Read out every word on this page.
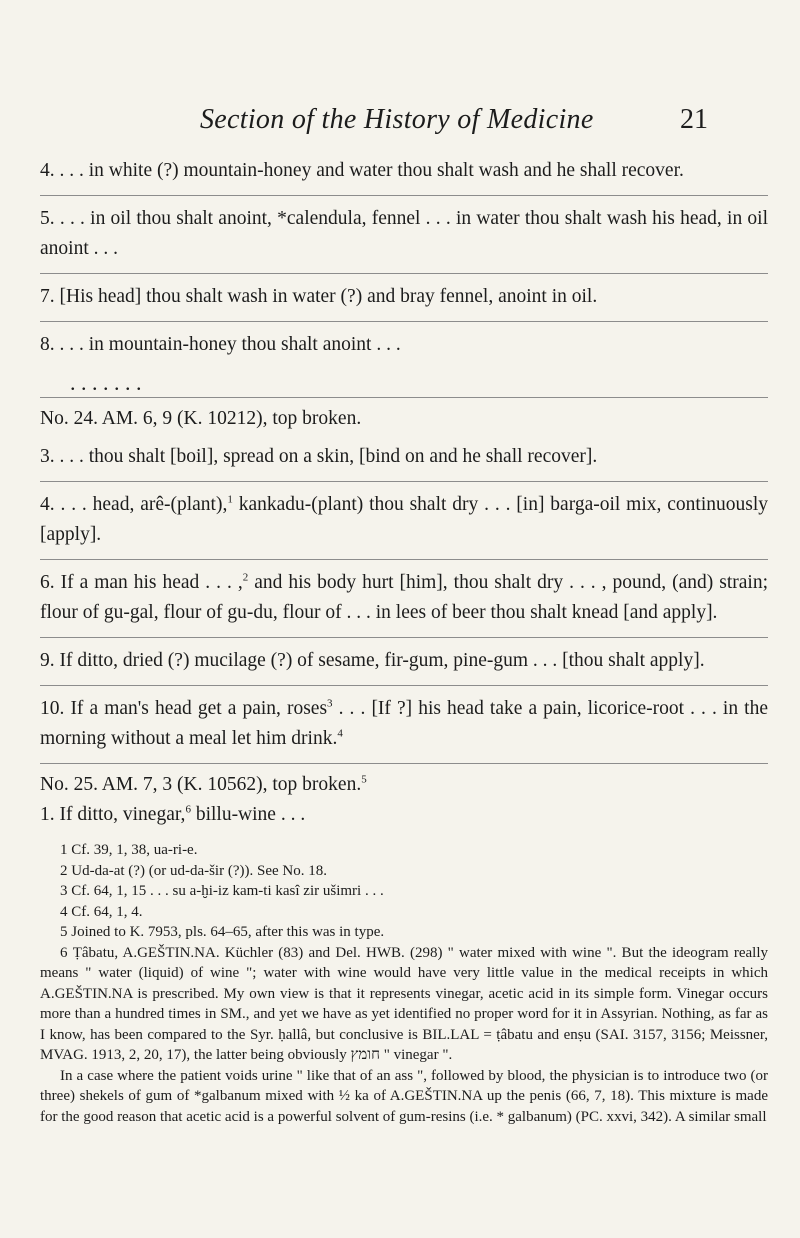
Section of the History of Medicine	21
4. . . . in white (?) mountain-honey and water thou shalt wash and he shall recover.
5. . . . in oil thou shalt anoint, *calendula, fennel . . . in water thou shalt wash his head, in oil anoint . . .
7. [His head] thou shalt wash in water (?) and bray fennel, anoint in oil.
8. . . . in mountain-honey thou shalt anoint . . .
. . . . . . .
No. 24. AM. 6, 9 (K. 10212), top broken.
3. . . . thou shalt [boil], spread on a skin, [bind on and he shall recover].
4. . . . head, arê-(plant),$^1$ kankadu-(plant) thou shalt dry . . . [in] barga-oil mix, continuously [apply].
6. If a man his head . . . ,$^2$ and his body hurt [him], thou shalt dry . . . , pound, (and) strain; flour of gu-gal, flour of gu-du, flour of . . . in lees of beer thou shalt knead [and apply].
9. If ditto, dried (?) mucilage (?) of sesame, fir-gum, pine-gum . . . [thou shalt apply].
10. If a man's head get a pain, roses$^3$ . . . [If ?] his head take a pain, licorice-root . . . in the morning without a meal let him drink.$^4$
No. 25. AM. 7, 3 (K. 10562), top broken.$^5$
1. If ditto, vinegar,$^6$ billu-wine . . .
1 Cf. 39, 1, 38, ua-ri-e.
2 Ud-da-at (?) (or ud-da-šir (?)). See No. 18.
3 Cf. 64, 1, 15 . . . su a-ḫi-iz kam-ti kasî zir ušimri . . .
4 Cf. 64, 1, 4.
5 Joined to K. 7953, pls. 64–65, after this was in type.
6 Ṭâbatu, A.GEŠTIN.NA. Küchler (83) and Del. HWB. (298) " water mixed with wine ". But the ideogram really means " water (liquid) of wine "; water with wine would have very little value in the medical receipts in which A.GEŠTIN.NA is prescribed. My own view is that it represents vinegar, acetic acid in its simple form. Vinegar occurs more than a hundred times in SM., and yet we have as yet identified no proper word for it in Assyrian. Nothing, as far as I know, has been compared to the Syr. ḥallâ, but conclusive is BIL.LAL = ṭâbatu and enṣu (SAI. 3157, 3156; Meissner, MVAG. 1913, 2, 20, 17), the latter being obviously חומץ " vinegar ".
In a case where the patient voids urine " like that of an ass ", followed by blood, the physician is to introduce two (or three) shekels of gum of *galbanum mixed with ½ ka of A.GEŠTIN.NA up the penis (66, 7, 18). This mixture is made for the good reason that acetic acid is a powerful solvent of gum-resins (i.e. * galbanum) (PC. xxvi, 342). A similar small
